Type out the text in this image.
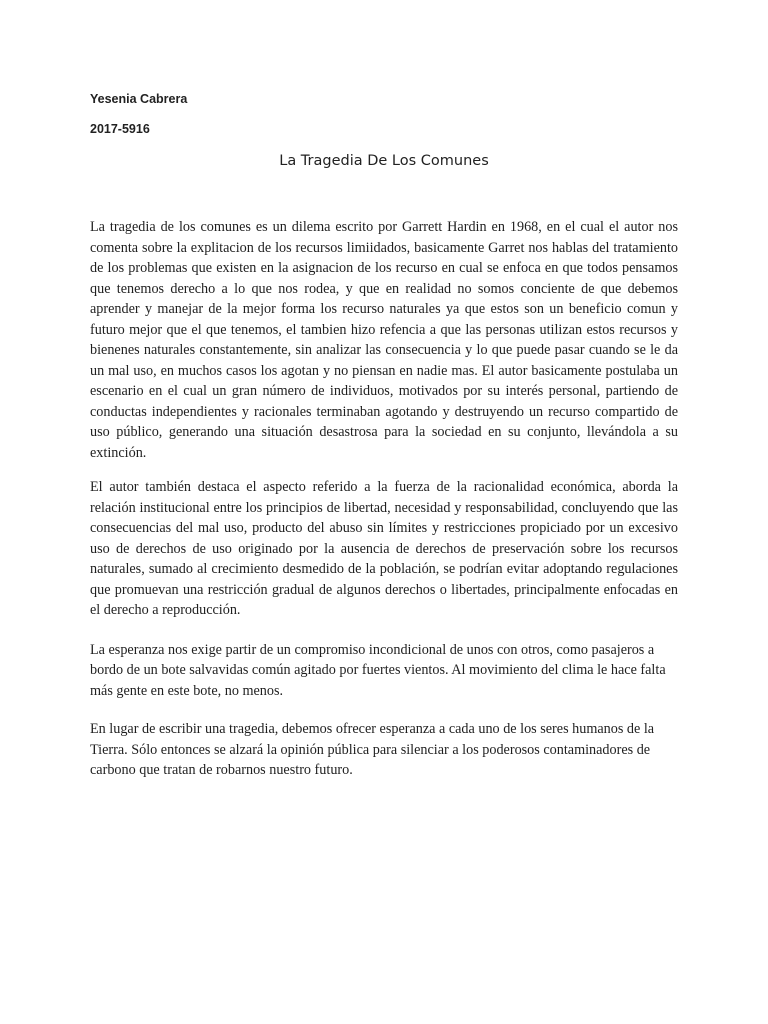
Yesenia Cabrera
2017-5916
La Tragedia De Los Comunes

La tragedia de los comunes es un dilema escrito por Garrett Hardin en 1968, en el cual el autor nos comenta sobre la explitacion de los recursos limiidados, basicamente Garret nos hablas del tratamiento de los problemas que existen en la asignacion de los recurso en cual se enfoca en que todos pensamos que tenemos derecho a lo que nos rodea, y que en realidad no somos conciente de que debemos aprender y manejar de la mejor forma los recurso naturales ya que estos son un beneficio comun y futuro mejor que el que tenemos, el tambien hizo refencia a que las personas utilizan estos recursos y bienenes naturales constantemente, sin analizar las consecuencia y lo que puede pasar cuando se le da un mal uso, en muchos casos los agotan y no piensan en nadie mas. El autor basicamente postulaba un escenario en el cual un gran número de individuos, motivados por su interés personal, partiendo de conductas independientes y racionales terminaban agotando y destruyendo un recurso compartido de uso público, generando una situación desastrosa para la sociedad en su conjunto, llevándola a su extinción.

El autor también destaca el aspecto referido a la fuerza de la racionalidad económica, aborda la relación institucional entre los principios de libertad, necesidad y responsabilidad, concluyendo que las consecuencias del mal uso, producto del abuso sin límites y restricciones propiciado por un excesivo uso de derechos de uso originado por la ausencia de derechos de preservación sobre los recursos naturales, sumado al crecimiento desmedido de la población, se podrían evitar adoptando regulaciones que promuevan una restricción gradual de algunos derechos o libertades, principalmente enfocadas en el derecho a reproducción.

La esperanza nos exige partir de un compromiso incondicional de unos con otros, como pasajeros a bordo de un bote salvavidas común agitado por fuertes vientos. Al movimiento del clima le hace falta más gente en este bote, no menos.

En lugar de escribir una tragedia, debemos ofrecer esperanza a cada uno de los seres humanos de la Tierra. Sólo entonces se alzará la opinión pública para silenciar a los poderosos contaminadores de carbono que tratan de robarnos nuestro futuro.
